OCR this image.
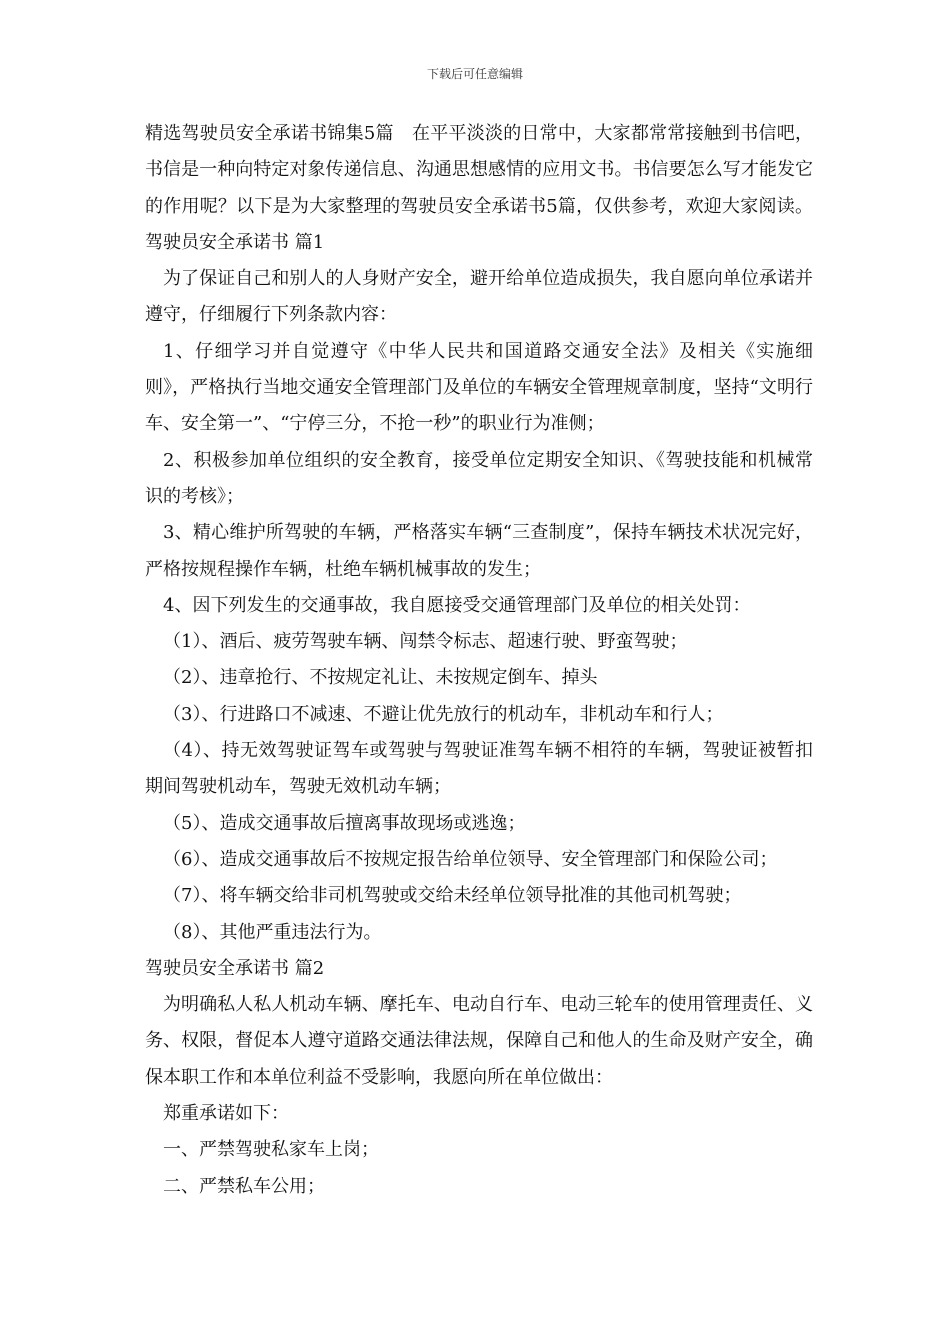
下载后可任意编辑

精选驾驶员安全承诺书锦集5篇　在平平淡淡的日常中，大家都常常接触到书信吧，书信是一种向特定对象传递信息、沟通思想感情的应用文书。书信要怎么写才能发它的作用呢？以下是为大家整理的驾驶员安全承诺书5篇，仅供参考，欢迎大家阅读。驾驶员安全承诺书 篇1

为了保证自己和别人的人身财产安全，避开给单位造成损失，我自愿向单位承诺并遵守，仔细履行下列条款内容：

1、仔细学习并自觉遵守《中华人民共和国道路交通安全法》及相关《实施细则》，严格执行当地交通安全管理部门及单位的车辆安全管理规章制度，坚持“文明行车、安全第一”、“宁停三分，不抢一秒”的职业行为准侧；

2、积极参加单位组织的安全教育，接受单位定期安全知识、《驾驶技能和机械常识的考核》；

3、精心维护所驾驶的车辆，严格落实车辆“三查制度”，保持车辆技术状况完好，严格按规程操作车辆，杜绝车辆机械事故的发生；

4、因下列发生的交通事故，我自愿接受交通管理部门及单位的相关处罚：

（1）、酒后、疲劳驾驶车辆、闯禁令标志、超速行驶、野蛮驾驶；

（2）、违章抢行、不按规定礼让、未按规定倒车、掉头

（3）、行进路口不减速、不避让优先放行的机动车，非机动车和行人；

（4）、持无效驾驶证驾车或驾驶与驾驶证准驾车辆不相符的车辆，驾驶证被暂扣期间驾驶机动车，驾驶无效机动车辆；

（5）、造成交通事故后擅离事故现场或逃逸；

（6）、造成交通事故后不按规定报告给单位领导、安全管理部门和保险公司；

（7）、将车辆交给非司机驾驶或交给未经单位领导批准的其他司机驾驶；

（8）、其他严重违法行为。

驾驶员安全承诺书 篇2

为明确私人私人机动车辆、摩托车、电动自行车、电动三轮车的使用管理责任、义务、权限，督促本人遵守道路交通法律法规，保障自己和他人的生命及财产安全，确保本职工作和本单位利益不受影响，我愿向所在单位做出：

郑重承诺如下：

一、严禁驾驶私家车上岗；

二、严禁私车公用；
